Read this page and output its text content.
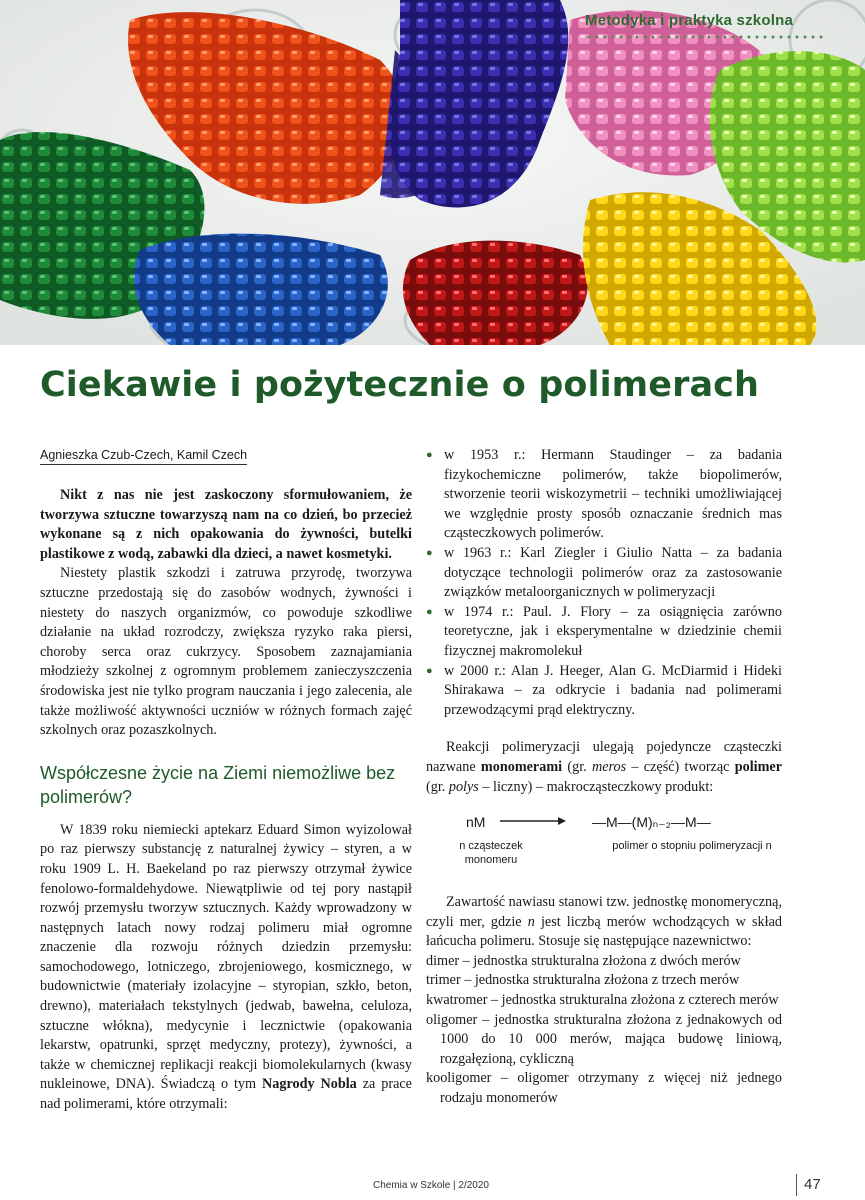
Metodyka i praktyka szkolna
Ciekawie i pożytecznie o polimerach
Agnieszka Czub-Czech, Kamil Czech

Nikt z nas nie jest zaskoczony sformułowaniem, że tworzywa sztuczne towarzyszą nam na co dzień, bo przecież wykonane są z nich opakowania do żywności, butelki plastikowe z wodą, zabawki dla dzieci, a nawet kosmetyki.

Niestety plastik szkodzi i zatruwa przyrodę, tworzywa sztuczne przedostają się do zasobów wodnych, żywności i niestety do naszych organizmów, co powoduje szkodliwe działanie na układ rozrodczy, zwiększa ryzyko raka piersi, choroby serca oraz cukrzycy. Sposobem zaznajamiania młodzieży szkolnej z ogromnym problemem zanieczyszczenia środowiska jest nie tylko program nauczania i jego zalecenia, ale także możliwość aktywności uczniów w różnych formach zajęć szkolnych oraz pozaszkolnych.

Współczesne życie na Ziemi niemożliwe bez polimerów?

W 1839 roku niemiecki aptekarz Eduard Simon wyizolował po raz pierwszy substancję z naturalnej żywicy – styren, a w roku 1909 L. H. Baekeland po raz pierwszy otrzymał żywice fenolowo-formaldehydowe. Niewątpliwie od tej pory nastąpił rozwój przemysłu tworzyw sztucznych. Każdy wprowadzony w następnych latach nowy rodzaj polimeru miał ogromne znaczenie dla rozwoju różnych dziedzin przemysłu: samochodowego, lotniczego, zbrojeniowego, kosmicznego, w budownictwie (materiały izolacyjne – styropian, szkło, beton, drewno), materiałach tekstylnych (jedwab, bawełna, celuloza, sztuczne włókna), medycynie i lecznictwie (opakowania lekarstw, opatrunki, sprzęt medyczny, protezy), żywności, a także w chemicznej replikacji reakcji biomolekularnych (kwasy nukleinowe, DNA). Świadczą o tym Nagrody Nobla za prace nad polimerami, które otrzymali:

● w 1953 r.: Hermann Staudinger – za badania fizykochemiczne polimerów, także biopolimerów, stworzenie teorii wiskozymetrii – techniki umożliwiającej we względnie prosty sposób oznaczanie średnich mas cząsteczkowych polimerów.
● w 1963 r.: Karl Ziegler i Giulio Natta – za badania dotyczące technologii polimerów oraz za zastosowanie związków metaloorganicznych w polimeryzacji
● w 1974 r.: Paul. J. Flory – za osiągnięcia zarówno teoretyczne, jak i eksperymentalne w dziedzinie chemii fizycznej makromolekuł
● w 2000 r.: Alan J. Heeger, Alan G. McDiarmid i Hideki Shirakawa – za odkrycie i badania nad polimerami przewodzącymi prąd elektryczny.

Reakcji polimeryzacji ulegają pojedyncze cząsteczki nazwane monomerami (gr. meros – część) tworząc polimer (gr. polys – liczny) – makrocząsteczkowy produkt:

nM	—M—(M)ₙ₋₂—M—
n cząsteczek monomeru
polimer o stopniu polimeryzacji n

Zawartość nawiasu stanowi tzw. jednostkę monomeryczną, czyli mer, gdzie n jest liczbą merów wchodzących w skład łańcucha polimeru. Stosuje się następujące nazewnictwo:

dimer – jednostka strukturalna złożona z dwóch merów

trimer – jednostka strukturalna złożona z trzech merów

kwatromer – jednostka strukturalna złożona z czterech merów

oligomer – jednostka strukturalna złożona z jednakowych od 1000 do 10 000 merów, mająca budowę liniową, rozgałęzioną, cykliczną

kooligomer – oligomer otrzymany z więcej niż jednego rodzaju monomerów

Chemia w Szkole | 2/2020	47
